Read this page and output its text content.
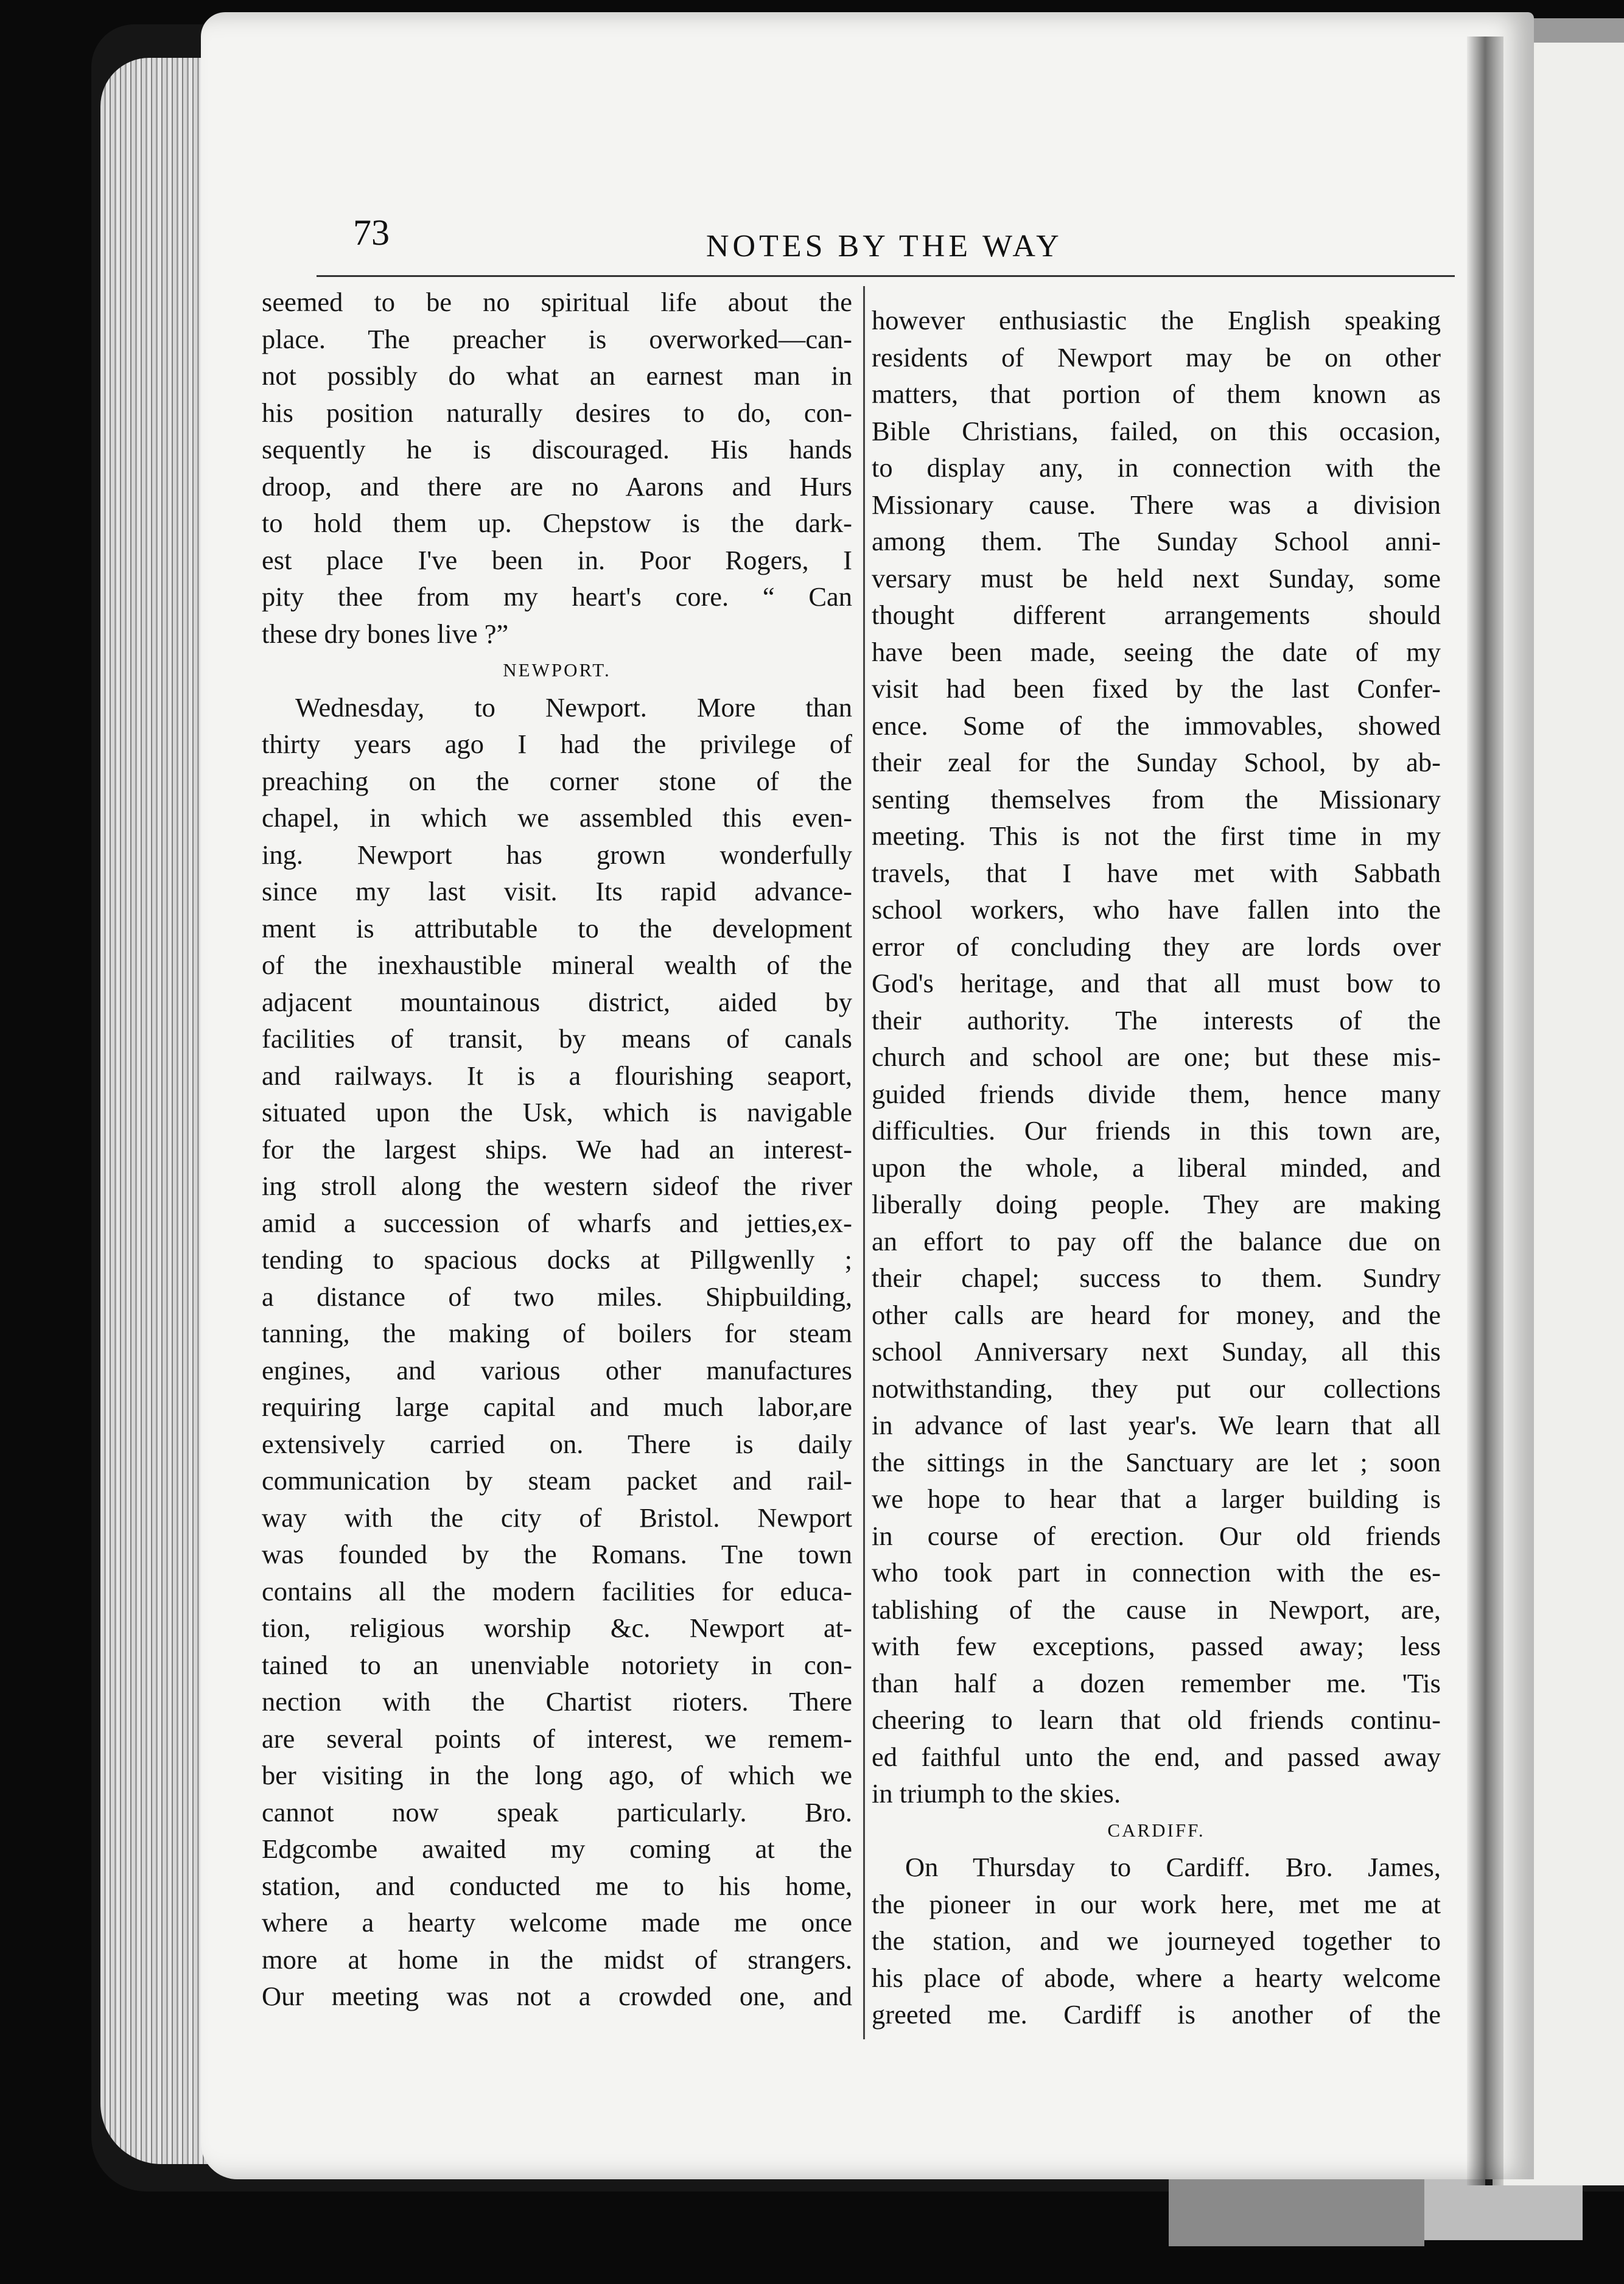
73	NOTES BY THE WAY
seemed to be no spiritual life about the
place. The preacher is overworked—can-
not possibly do what an earnest man in
his position naturally desires to do, con-
sequently he is discouraged. His hands
droop, and there are no Aarons and Hurs
to hold them up. Chepstow is the dark-
est place I've been in. Poor Rogers, I
pity thee from my heart's core. “ Can
these dry bones live ?”
NEWPORT.
Wednesday, to Newport. More than
thirty years ago I had the privilege of
preaching on the corner stone of the
chapel, in which we assembled this even-
ing. Newport has grown wonderfully
since my last visit. Its rapid advance-
ment is attributable to the development
of the inexhaustible mineral wealth of the
adjacent mountainous district, aided by
facilities of transit, by means of canals
and railways. It is a flourishing seaport,
situated upon the Usk, which is navigable
for the largest ships. We had an interest-
ing stroll along the western sideof the river
amid a succession of wharfs and jetties,ex-
tending to spacious docks at Pillgwenlly ;
a distance of two miles. Shipbuilding,
tanning, the making of boilers for steam
engines, and various other manufactures
requiring large capital and much labor,are
extensively carried on. There is daily
communication by steam packet and rail-
way with the city of Bristol. Newport
was founded by the Romans. Tne town
contains all the modern facilities for educa-
tion, religious worship &c. Newport at-
tained to an unenviable notoriety in con-
nection with the Chartist rioters. There
are several points of interest, we remem-
ber visiting in the long ago, of which we
cannot now speak particularly. Bro.
Edgcombe awaited my coming at the
station, and conducted me to his home,
where a hearty welcome made me once
more at home in the midst of strangers.
Our meeting was not a crowded one, and
however enthusiastic the English speaking
residents of Newport may be on other
matters, that portion of them known as
Bible Christians, failed, on this occasion,
to display any, in connection with the
Missionary cause. There was a division
among them. The Sunday School anni-
versary must be held next Sunday, some
thought different arrangements should
have been made, seeing the date of my
visit had been fixed by the last Confer-
ence. Some of the immovables, showed
their zeal for the Sunday School, by ab-
senting themselves from the Missionary
meeting. This is not the first time in my
travels, that I have met with Sabbath
school workers, who have fallen into the
error of concluding they are lords over
God's heritage, and that all must bow to
their authority. The interests of the
church and school are one; but these mis-
guided friends divide them, hence many
difficulties. Our friends in this town are,
upon the whole, a liberal minded, and
liberally doing people. They are making
an effort to pay off the balance due on
their chapel; success to them. Sundry
other calls are heard for money, and the
school Anniversary next Sunday, all this
notwithstanding, they put our collections
in advance of last year's. We learn that all
the sittings in the Sanctuary are let ; soon
we hope to hear that a larger building is
in course of erection. Our old friends
who took part in connection with the es-
tablishing of the cause in Newport, are,
with few exceptions, passed away; less
than half a dozen remember me. 'Tis
cheering to learn that old friends continu-
ed faithful unto the end, and passed away
in triumph to the skies.
CARDIFF.
On Thursday to Cardiff. Bro. James,
the pioneer in our work here, met me at
the station, and we journeyed together to
his place of abode, where a hearty welcome
greeted me. Cardiff is another of the
